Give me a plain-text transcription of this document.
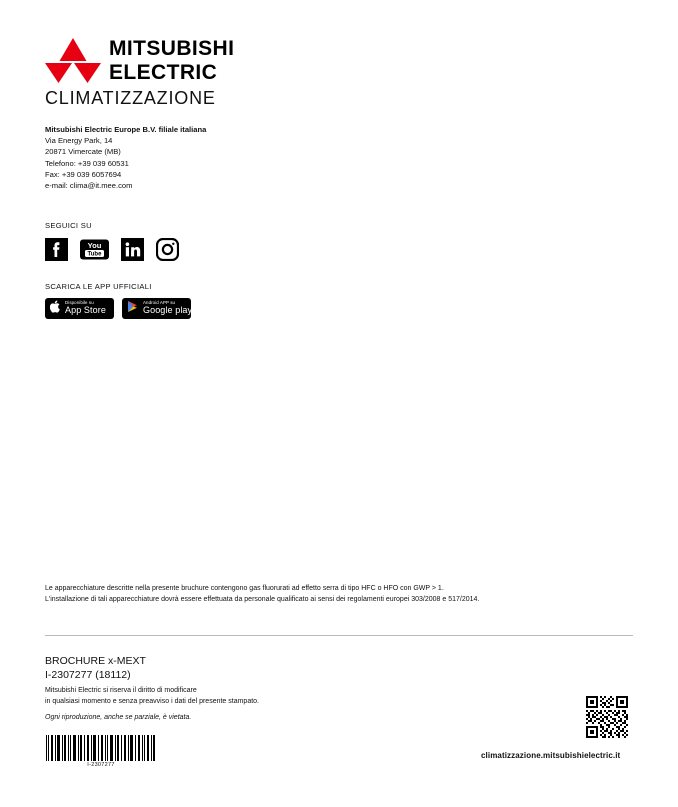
MITSUBISHI
ELECTRIC
CLIMATIZZAZIONE
Mitsubishi Electric Europe B.V. filiale italiana
Via Energy Park, 14
20871 Vimercate (MB)
Telefono: +39 039 60531
Fax: +39 039 6057694
e-mail: clima@it.mee.com
SEGUICI SU
You
Tube
SCARICA LE APP UFFICIALI
Disponibile su
App Store
Android APP su
Google play
Le apparecchiature descritte nella presente bruchure contengono gas fluorurati ad effetto serra di tipo HFC o HFO con GWP > 1.
L'installazione di tali apparecchiature dovrà essere effettuata da personale qualificato ai sensi dei regolamenti europei 303/2008 e 517/2014.
BROCHURE x-MEXT
I-2307277 (18112)
Mitsubishi Electric si riserva il diritto di modificare
in qualsiasi momento e senza preavviso i dati del presente stampato.
Ogni riproduzione, anche se parziale, è vietata.
I-2307277
climatizzazione.mitsubishielectric.it
